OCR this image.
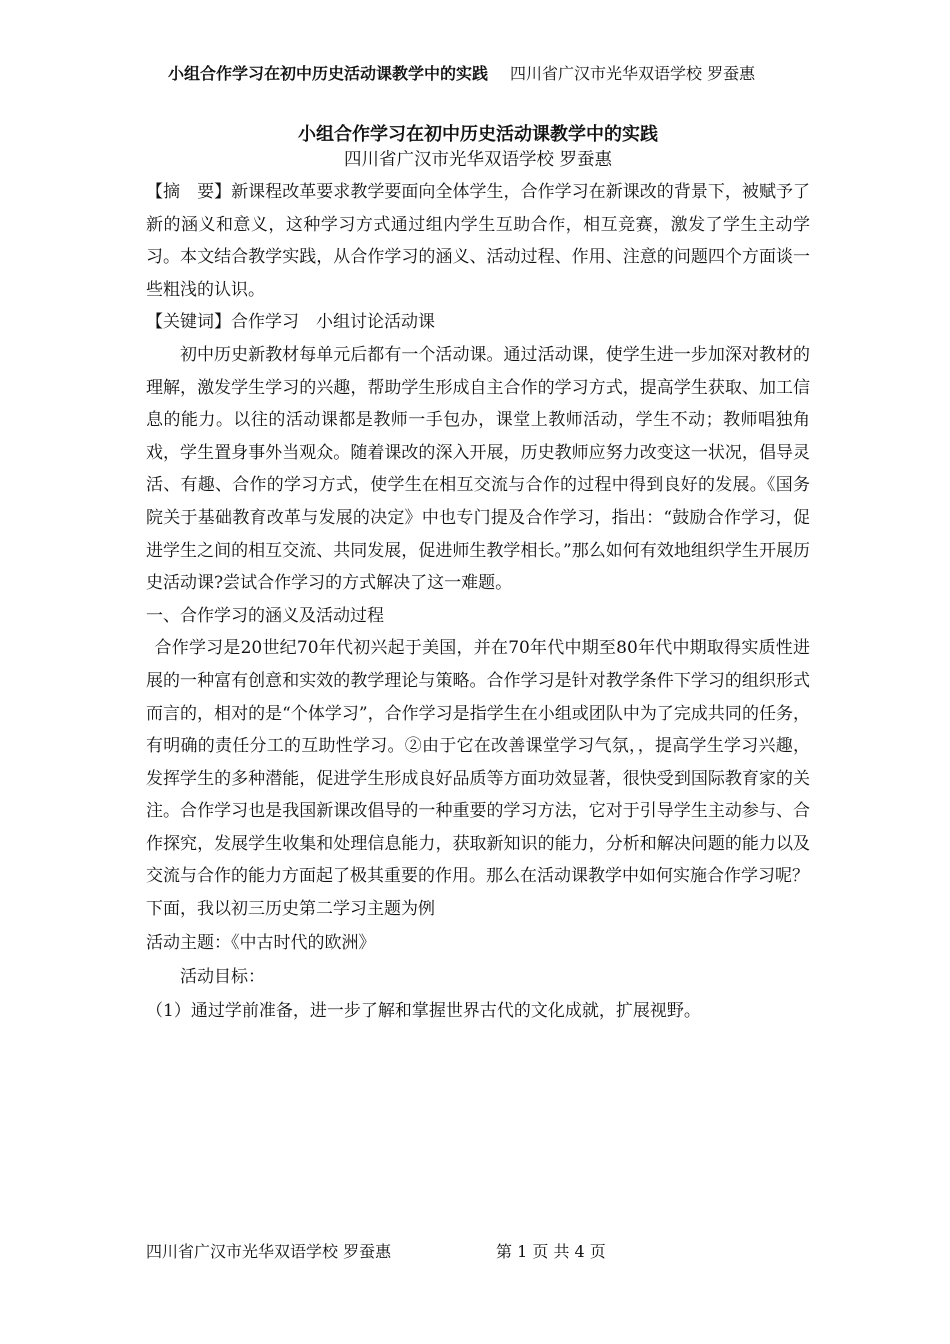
小组合作学习在初中历史活动课教学中的实践 四川省广汉市光华双语学校 罗蚕惠

小组合作学习在初中历史活动课教学中的实践

四川省广汉市光华双语学校 罗蚕惠

【摘　要】新课程改革要求教学要面向全体学生，合作学习在新课改的背景下，被赋予了新的涵义和意义，这种学习方式通过组内学生互助合作，相互竞赛，激发了学生主动学习。本文结合教学实践，从合作学习的涵义、活动过程、作用、注意的问题四个方面谈一些粗浅的认识。

【关键词】合作学习　小组讨论活动课

初中历史新教材每单元后都有一个活动课。通过活动课，使学生进一步加深对教材的理解，激发学生学习的兴趣，帮助学生形成自主合作的学习方式，提高学生获取、加工信息的能力。以往的活动课都是教师一手包办，课堂上教师活动，学生不动；教师唱独角戏，学生置身事外当观众。随着课改的深入开展，历史教师应努力改变这一状况，倡导灵活、有趣、合作的学习方式，使学生在相互交流与合作的过程中得到良好的发展。《国务院关于基础教育改革与发展的决定》中也专门提及合作学习，指出：“鼓励合作学习，促进学生之间的相互交流、共同发展，促进师生教学相长。”那么如何有效地组织学生开展历史活动课?尝试合作学习的方式解决了这一难题。

一、合作学习的涵义及活动过程

合作学习是20世纪70年代初兴起于美国，并在70年代中期至80年代中期取得实质性进展的一种富有创意和实效的教学理论与策略。合作学习是针对教学条件下学习的组织形式而言的，相对的是“个体学习”，合作学习是指学生在小组或团队中为了完成共同的任务，有明确的责任分工的互助性学习。②由于它在改善课堂学习气氛，，提高学生学习兴趣，发挥学生的多种潜能，促进学生形成良好品质等方面功效显著，很快受到国际教育家的关注。合作学习也是我国新课改倡导的一种重要的学习方法，它对于引导学生主动参与、合作探究，发展学生收集和处理信息能力，获取新知识的能力，分析和解决问题的能力以及交流与合作的能力方面起了极其重要的作用。那么在活动课教学中如何实施合作学习呢？

下面，我以初三历史第二学习主题为例

活动主题：《中古时代的欧洲》

活动目标：

（1）通过学前准备，进一步了解和掌握世界古代的文化成就，扩展视野。

四川省广汉市光华双语学校 罗蚕惠	第 1 页 共 4 页
